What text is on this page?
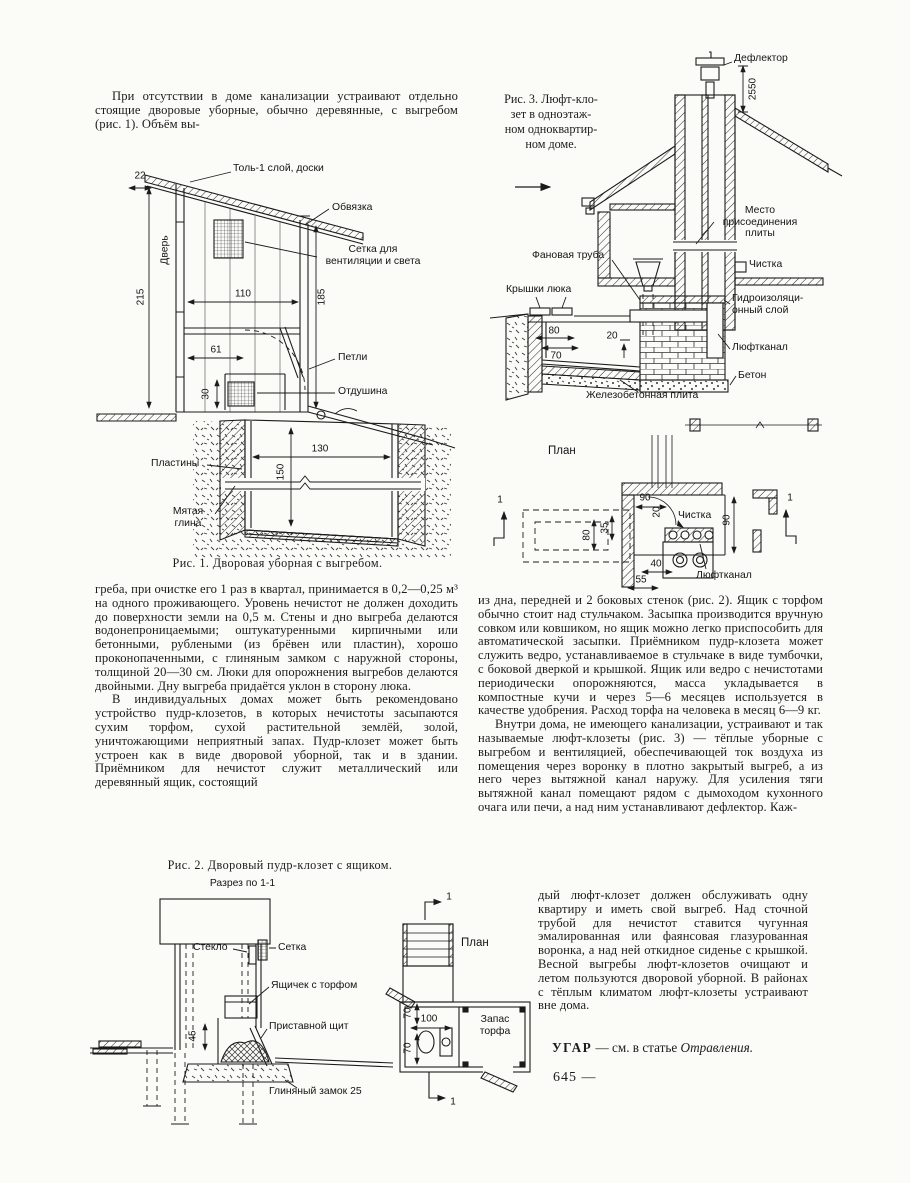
При отсутствии в доме канализации устраивают отдельно стоящие дворовые уборные, обычно деревянные, с выгребом (рис. 1). Объём вы-

Толь-1 слой, доски
Обвязка
Дверь	Сетка для
вентиляции и света
Петли
Отдушина
Пластины
Мятая
глина
22
215	110	185
61
30
130
150
Рис. 1. Дворовая уборная с выгребом.

греба, при очистке его 1 раз в квартал, принимается в 0,2—0,25 м³ на одного проживающего. Уровень нечистот не должен доходить до поверхности земли на 0,5 м. Стены и дно выгреба делаются водонепроницаемыми; оштукатуренными кирпичными или бетонными, рублеными (из брёвен или пластин), хорошо проконопаченными, с глиняным замком с наружной стороны, толщиной 20—30 см. Люки для опорожнения выгребов делаются двойными. Дну выгреба придаётся уклон в сторону люка.

В индивидуальных домах может быть рекомендовано устройство пудр-клозетов, в которых нечистоты засыпаются сухим торфом, сухой растительной землёй, золой, уничтожающими неприятный запах. Пудр-клозет может быть устроен как в виде дворовой уборной, так и в здании. Приёмником для нечистот служит металлический или деревянный ящик, состоящий

Рис. 2. Дворовый пудр-клозет с ящиком.
Рис. 3. Люфт-кло-
зет в одноэтаж-
ном одноквартир-
ном доме.
Дефлектор
2550
Место
присоединения
плиты
Фановая труба
Крышки люка
Чистка
Гидроизоляци-
онный слой
Люфтканал
Бетон
Железобетонная плита
План
Чистка
Люфтканал
80
70
20
90
20
90
80
35
40
55
1	1

из дна, передней и 2 боковых стенок (рис. 2). Ящик с торфом обычно стоит над стульчаком. Засыпка производится вручную совком или ковшиком, но ящик можно легко приспособить для автоматической засыпки. Приёмником пудр-клозета может служить ведро, устанавливаемое в стульчаке в виде тумбочки, с боковой дверкой и крышкой. Ящик или ведро с нечистотами периодически опорожняются, масса укладывается в компостные кучи и через 5—6 месяцев используется в качестве удобрения. Расход торфа на человека в месяц 6—9 кг.

Внутри дома, не имеющего канализации, устраивают и так называемые люфт-клозеты (рис. 3) — тёплые уборные с выгребом и вентиляцией, обеспечивающей ток воздуха из помещения через воронку в плотно закрытый выгреб, а из него через вытяжной канал наружу. Для усиления тяги вытяжной канал помещают рядом с дымоходом кухонного очага или печи, а над ним устанавливают дефлектор. Каж-

дый люфт-клозет должен обслуживать одну квартиру и иметь свой выгреб. Над сточной трубой для нечистот ставится чугунная эмалированная или фаянсовая глазурованная воронка, а над ней откидное сиденье с крышкой. Весной выгребы люфт-клозетов очищают и летом пользуются дворовой уборной. В районах с тёплым климатом люфт-клозеты устраивают вне дома.

Разрез по 1-1
Стекло	Сетка
Ящичек с торфом
Приставной щит
Глиняный замок 25
План
Запас
торфа
45
70
100
70
1
1
УГАР — см. в статье Отравления.
645 —
